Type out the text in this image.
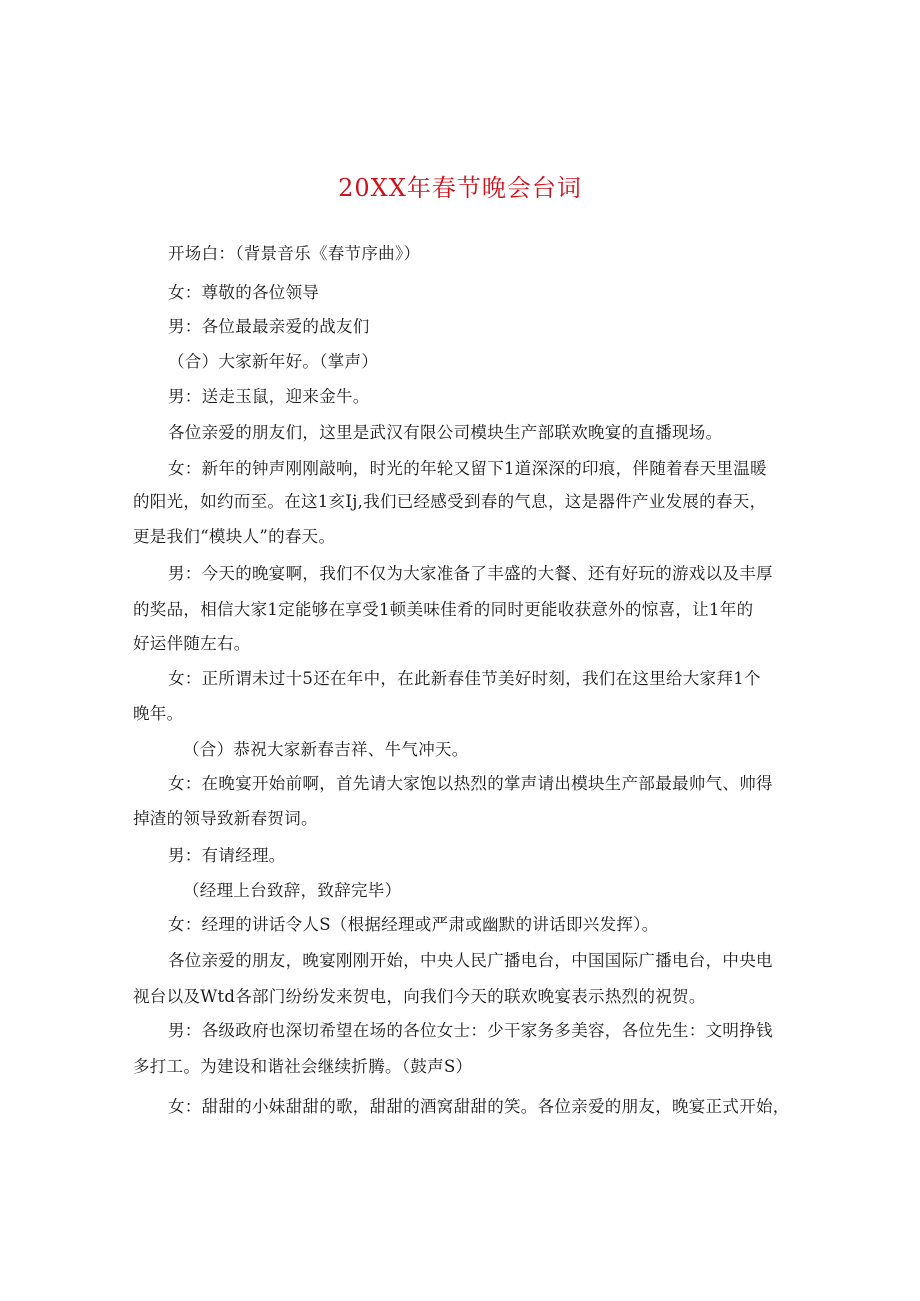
20XX年春节晚会台词
开场白：（背景音乐《春节序曲》）
女：尊敬的各位领导
男：各位最最亲爱的战友们
（合）大家新年好。（掌声）
男：送走玉鼠，迎来金牛。
各位亲爱的朋友们，这里是武汉有限公司模块生产部联欢晚宴的直播现场。
女：新年的钟声刚刚敲响，时光的年轮又留下1道深深的印痕，伴随着春天里温暖
的阳光，如约而至。在这1亥Ij,我们已经感受到春的气息，这是器件产业发展的春天，
更是我们“模块人”的春天。
男：今天的晚宴啊，我们不仅为大家准备了丰盛的大餐、还有好玩的游戏以及丰厚
的奖品，相信大家1定能够在享受1顿美味佳肴的同时更能收获意外的惊喜，让1年的
好运伴随左右。
女：正所谓未过十5还在年中，在此新春佳节美好时刻，我们在这里给大家拜1个
晚年。
（合）恭祝大家新春吉祥、牛气冲天。
女：在晚宴开始前啊，首先请大家饱以热烈的掌声请出模块生产部最最帅气、帅得
掉渣的领导致新春贺词。
男：有请经理。
（经理上台致辞，致辞完毕）
女：经理的讲话令人S（根据经理或严肃或幽默的讲话即兴发挥）。
各位亲爱的朋友，晚宴刚刚开始，中央人民广播电台，中国国际广播电台，中央电
视台以及Wtd各部门纷纷发来贺电，向我们今天的联欢晚宴表示热烈的祝贺。
男：各级政府也深切希望在场的各位女士：少干家务多美容，各位先生：文明挣钱
多打工。为建设和谐社会继续折腾。（鼓声S）
女：甜甜的小妹甜甜的歌，甜甜的酒窝甜甜的笑。各位亲爱的朋友，晚宴正式开始，
